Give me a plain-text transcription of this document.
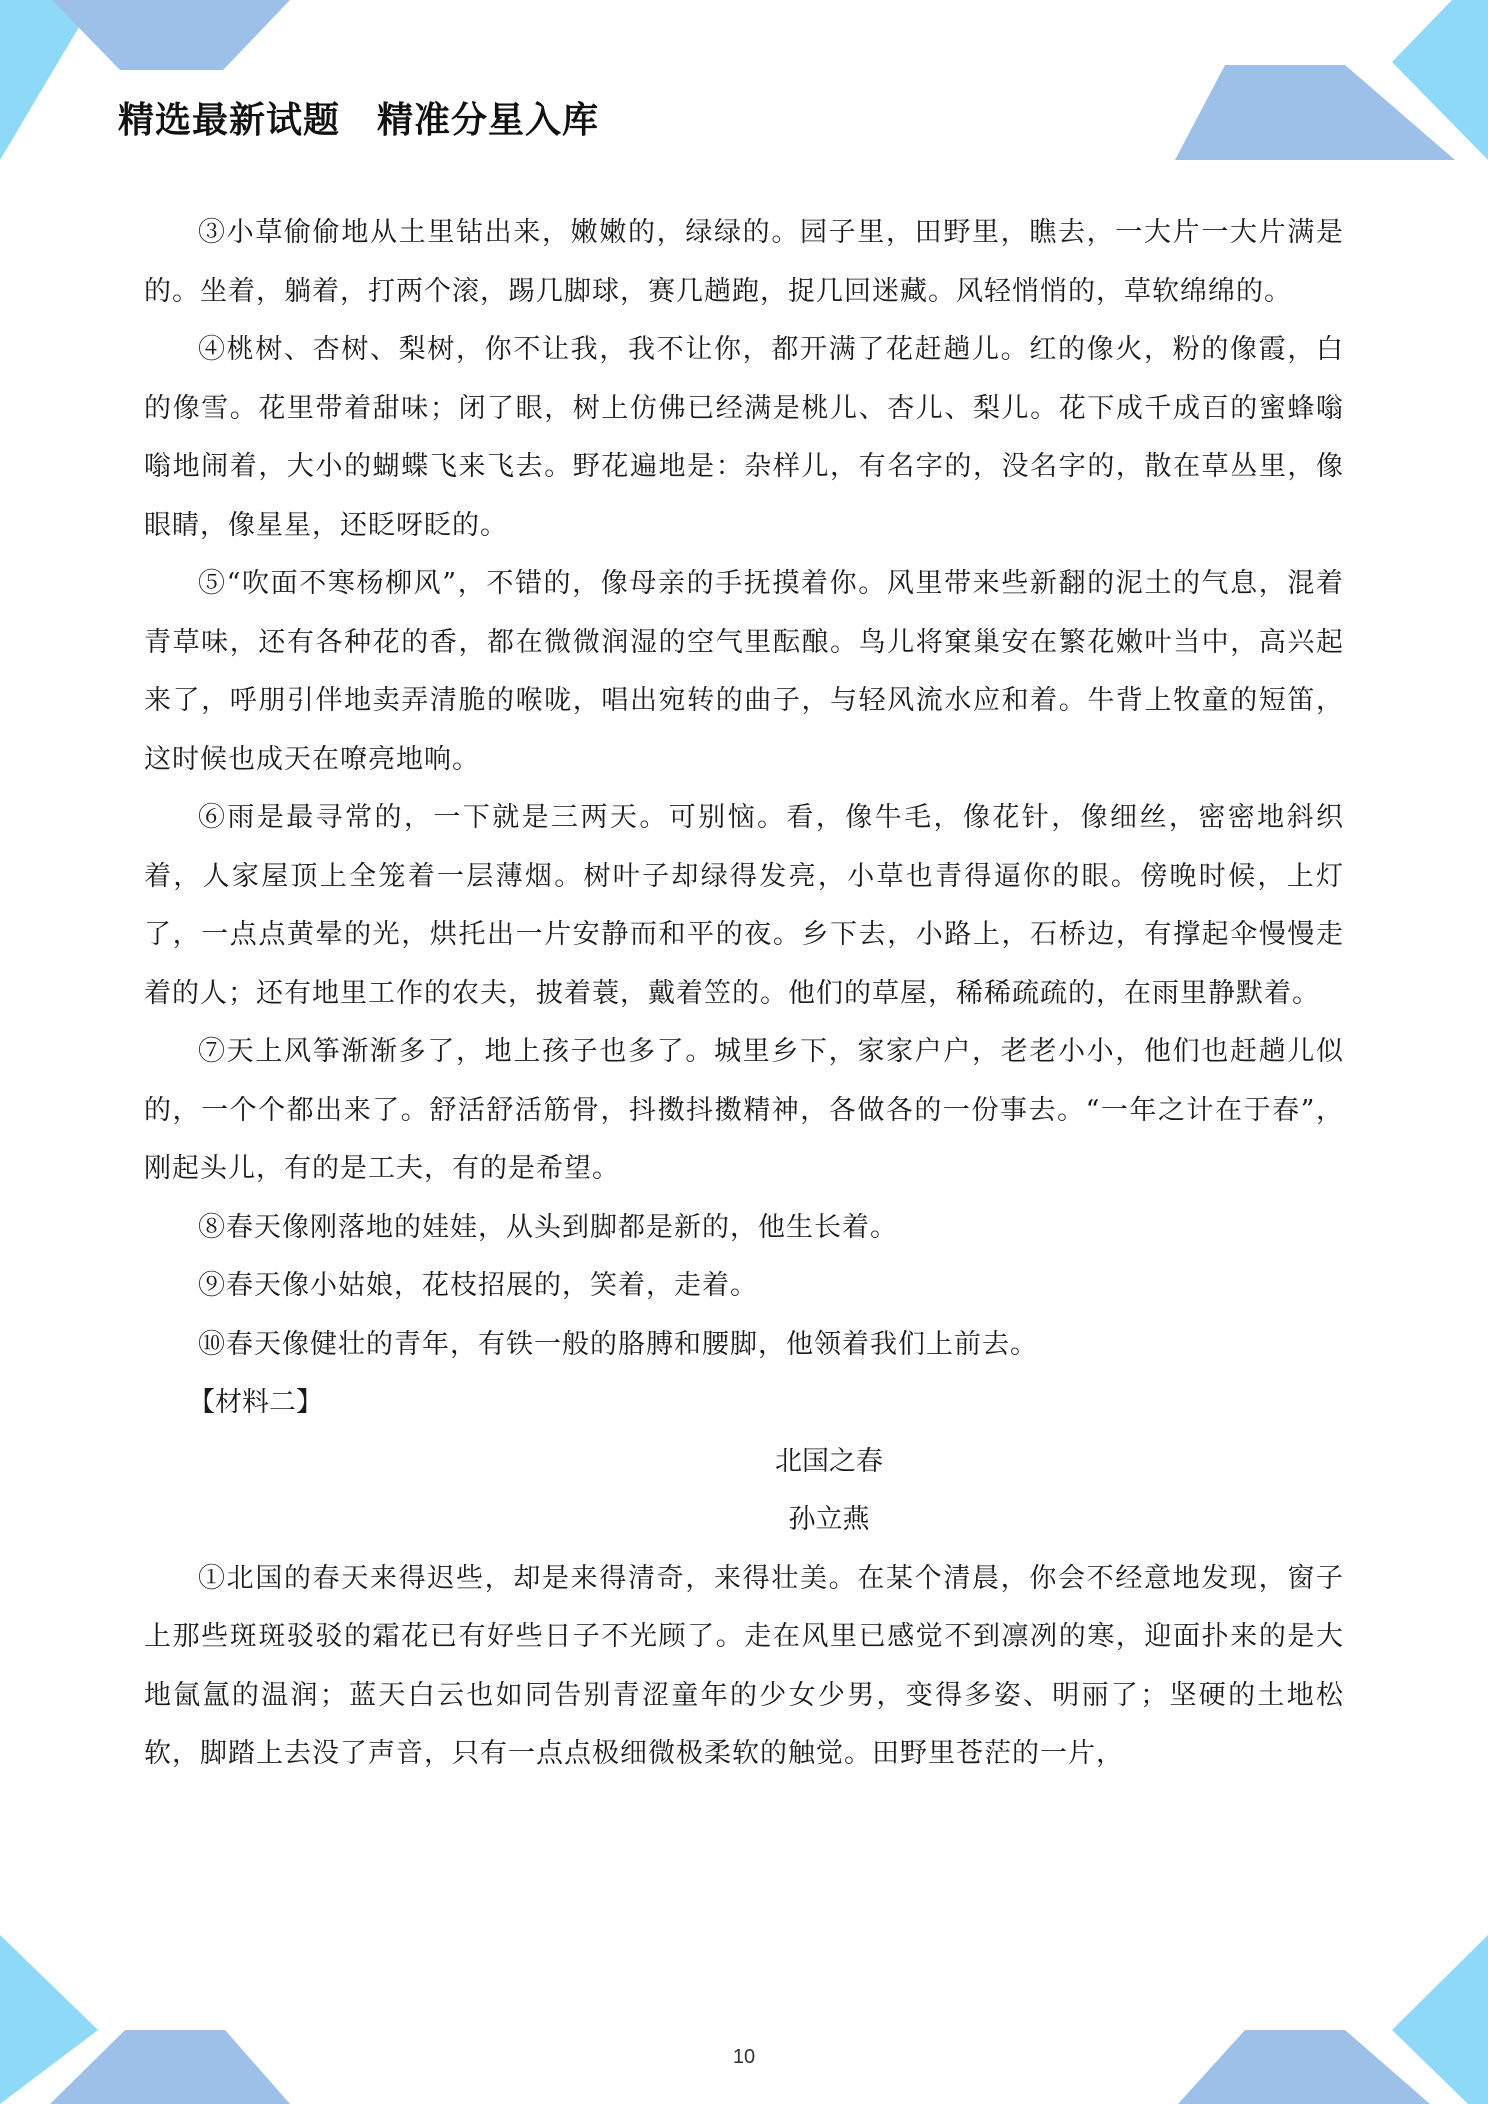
精选最新试题　精准分星入库

③小草偷偷地从土里钻出来，嫩嫩的，绿绿的。园子里，田野里，瞧去，一大片一大片满是的。坐着，躺着，打两个滚，踢几脚球，赛几趟跑，捉几回迷藏。风轻悄悄的，草软绵绵的。

④桃树、杏树、梨树，你不让我，我不让你，都开满了花赶趟儿。红的像火，粉的像霞，白的像雪。花里带着甜味；闭了眼，树上仿佛已经满是桃儿、杏儿、梨儿。花下成千成百的蜜蜂嗡嗡地闹着，大小的蝴蝶飞来飞去。野花遍地是：杂样儿，有名字的，没名字的，散在草丛里，像眼睛，像星星，还眨呀眨的。

⑤“吹面不寒杨柳风”，不错的，像母亲的手抚摸着你。风里带来些新翻的泥土的气息，混着青草味，还有各种花的香，都在微微润湿的空气里酝酿。鸟儿将窠巢安在繁花嫩叶当中，高兴起来了，呼朋引伴地卖弄清脆的喉咙，唱出宛转的曲子，与轻风流水应和着。牛背上牧童的短笛，这时候也成天在嘹亮地响。

⑥雨是最寻常的，一下就是三两天。可别恼。看，像牛毛，像花针，像细丝，密密地斜织着，人家屋顶上全笼着一层薄烟。树叶子却绿得发亮，小草也青得逼你的眼。傍晚时候，上灯了，一点点黄晕的光，烘托出一片安静而和平的夜。乡下去，小路上，石桥边，有撑起伞慢慢走着的人；还有地里工作的农夫，披着蓑，戴着笠的。他们的草屋，稀稀疏疏的，在雨里静默着。

⑦天上风筝渐渐多了，地上孩子也多了。城里乡下，家家户户，老老小小，他们也赶趟儿似的，一个个都出来了。舒活舒活筋骨，抖擞抖擞精神，各做各的一份事去。“一年之计在于春”，刚起头儿，有的是工夫，有的是希望。

⑧春天像刚落地的娃娃，从头到脚都是新的，他生长着。

⑨春天像小姑娘，花枝招展的，笑着，走着。

⑩春天像健壮的青年，有铁一般的胳膊和腰脚，他领着我们上前去。

【材料二】

北国之春

孙立燕

①北国的春天来得迟些，却是来得清奇，来得壮美。在某个清晨，你会不经意地发现，窗子上那些斑斑驳驳的霜花已有好些日子不光顾了。走在风里已感觉不到凛冽的寒，迎面扑来的是大地氤氲的温润；蓝天白云也如同告别青涩童年的少女少男，变得多姿、明丽了；坚硬的土地松软，脚踏上去没了声音，只有一点点极细微极柔软的触觉。田野里苍茫的一片，

10
